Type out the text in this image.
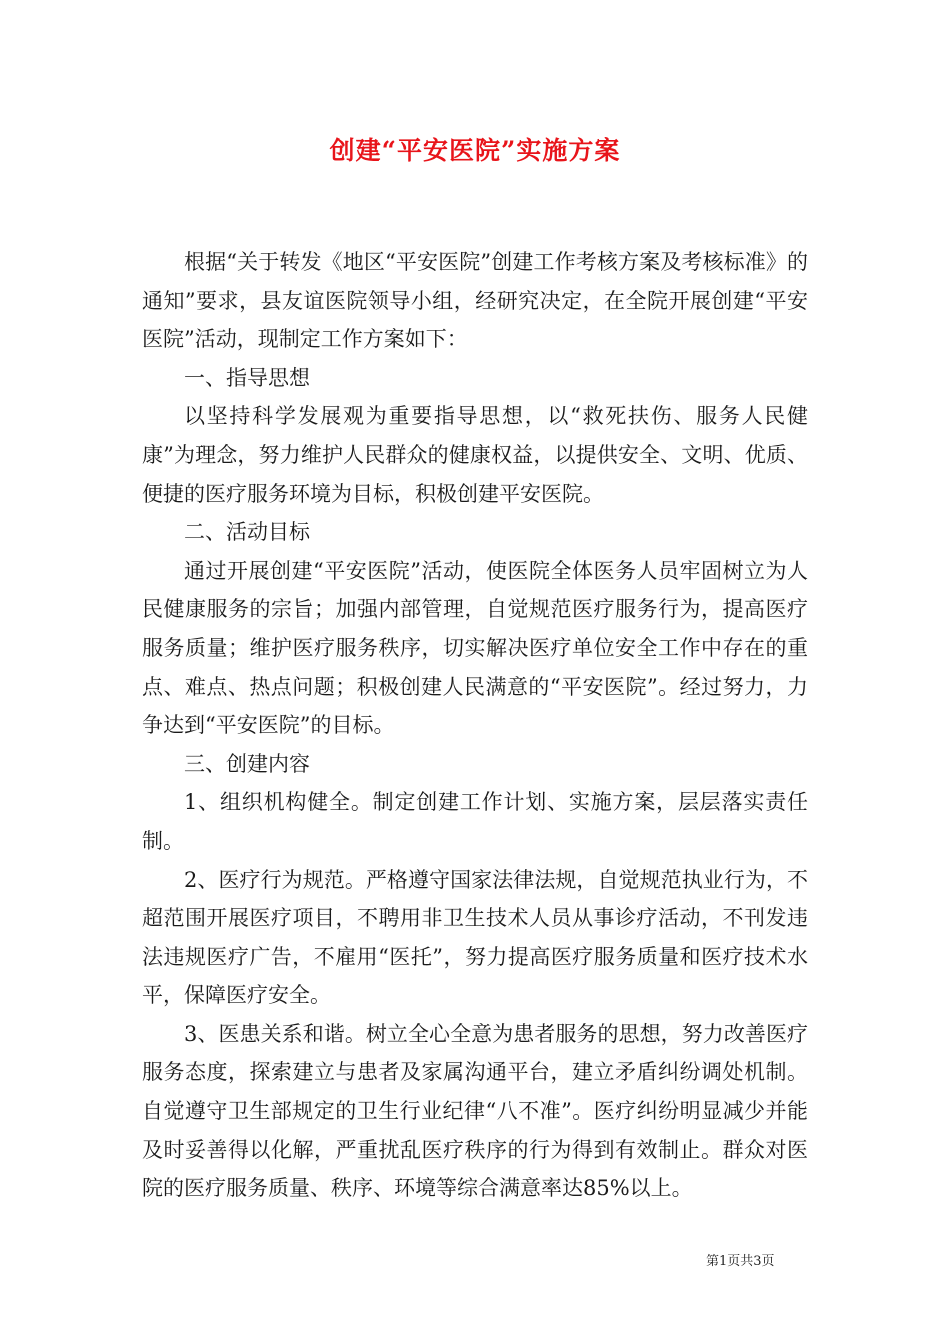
创建“平安医院”实施方案

根据“关于转发《地区“平安医院”创建工作考核方案及考核标准》的通知”要求，县友谊医院领导小组，经研究决定，在全院开展创建“平安医院”活动，现制定工作方案如下：

一、指导思想

以坚持科学发展观为重要指导思想，以“救死扶伤、服务人民健康”为理念，努力维护人民群众的健康权益，以提供安全、文明、优质、便捷的医疗服务环境为目标，积极创建平安医院。

二、活动目标

通过开展创建“平安医院”活动，使医院全体医务人员牢固树立为人民健康服务的宗旨；加强内部管理，自觉规范医疗服务行为，提高医疗服务质量；维护医疗服务秩序，切实解决医疗单位安全工作中存在的重点、难点、热点问题；积极创建人民满意的“平安医院”。经过努力，力争达到“平安医院”的目标。

三、创建内容

1、组织机构健全。制定创建工作计划、实施方案，层层落实责任制。

2、医疗行为规范。严格遵守国家法律法规，自觉规范执业行为，不超范围开展医疗项目，不聘用非卫生技术人员从事诊疗活动，不刊发违法违规医疗广告，不雇用“医托”，努力提高医疗服务质量和医疗技术水平，保障医疗安全。

3、医患关系和谐。树立全心全意为患者服务的思想，努力改善医疗服务态度，探索建立与患者及家属沟通平台，建立矛盾纠纷调处机制。自觉遵守卫生部规定的卫生行业纪律“八不准”。医疗纠纷明显减少并能及时妥善得以化解，严重扰乱医疗秩序的行为得到有效制止。群众对医院的医疗服务质量、秩序、环境等综合满意率达85%以上。

第1页共3页
